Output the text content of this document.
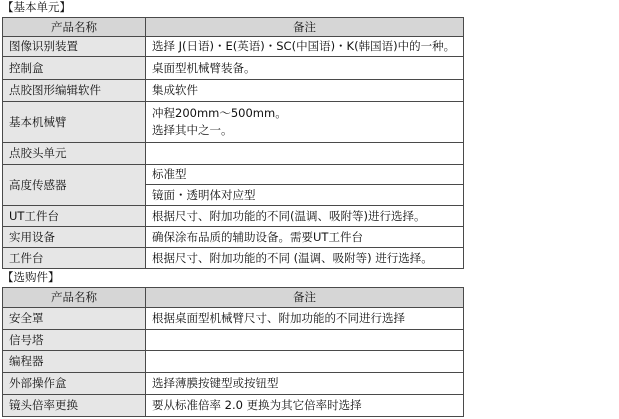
【基本单元】
产品名称	备注
图像识别装置	选择 J(日语)・E(英语)・SC(中国语)・K(韩国语)中的一种。
控制盒	桌面型机械臂装备。
点胶图形编辑软件	集成软件
基本机械臂	冲程200mm～500mm。
选择其中之一。

点胶头单元	
高度传感器	标准型
	镜面・透明体对应型
UT工件台	根据尺寸、附加功能的不同(温调、吸附等)进行选择。
实用设备	确保涂布品质的辅助设备。需要UT工件台
工件台	根据尺寸、附加功能的不同 (温调、吸附等) 进行选择。
【选购件】
产品名称	备注
安全罩	根据桌面型机械臂尺寸、附加功能的不同进行选择
信号塔	
编程器	
外部操作盒	选择薄膜按键型或按钮型
镜头倍率更换	要从标准倍率 2.0 更换为其它倍率时选择
